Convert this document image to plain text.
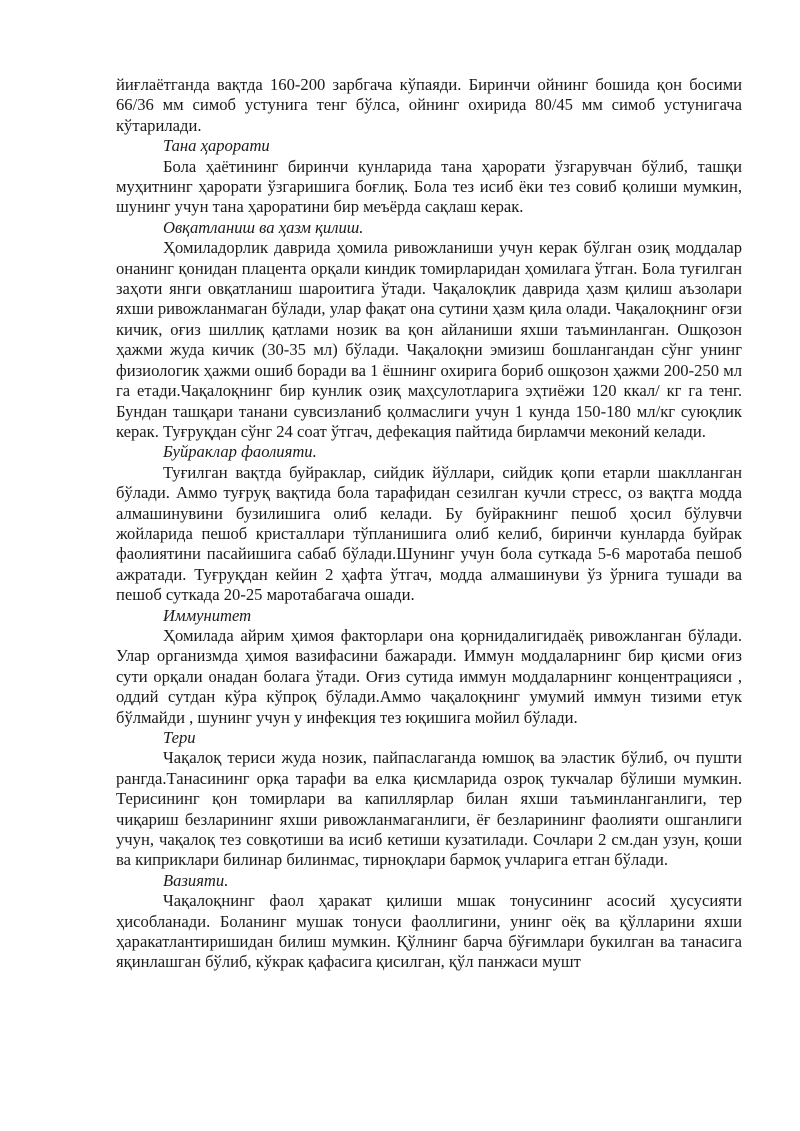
йиғлаётганда вақтда 160-200 зарбгача кўпаяди. Биринчи ойнинг бошида қон босими 66/36 мм симоб устунига тенг бўлса, ойнинг охирида 80/45 мм симоб устунигача кўтарилади.

Тана ҳарорати

Бола ҳаётининг биринчи кунларида тана ҳарорати ўзгарувчан бўлиб, ташқи муҳитнинг ҳарорати ўзгаришига боғлиқ. Бола тез исиб ёки тез совиб қолиши мумкин, шунинг учун тана ҳароратини бир меъёрда сақлаш керак.

Овқатланиш ва ҳазм қилиш.

Ҳомиладорлик даврида ҳомила ривожланиши учун керак бўлган озиқ моддалар онанинг қонидан плацента орқали киндик томирларидан ҳомилага ўтган. Бола туғилган заҳоти янги овқатланиш шароитига ўтади. Чақалоқлик даврида ҳазм қилиш аъзолари яхши ривожланмаган бўлади, улар фақат она сутини ҳазм қила олади. Чақалоқнинг оғзи кичик, оғиз шиллиқ қатлами нозик ва қон айланиши яхши таъминланган. Ошқозон ҳажми жуда кичик (30-35 мл) бўлади. Чақалоқни эмизиш бошлангандан сўнг унинг физиологик ҳажми ошиб боради ва 1 ёшнинг охирига бориб ошқозон ҳажми 200-250 мл га етади.Чақалоқнинг бир кунлик озиқ маҳсулотларига эҳтиёжи 120 ккал/ кг га тенг. Бундан ташқари танани сувсизланиб қолмаслиги учун 1 кунда 150-180 мл/кг суюқлик керак. Туғруқдан сўнг 24 соат ўтгач, дефекация пайтида бирламчи меконий келади.

Буйраклар фаолияти.

Туғилган вақтда буйраклар, сийдик йўллари, сийдик қопи етарли шаклланган бўлади. Аммо туғруқ вақтида бола тарафидан сезилган кучли стресс, оз вақтга модда алмашинувини бузилишига олиб келади. Бу буйракнинг пешоб ҳосил бўлувчи жойларида пешоб кристаллари тўпланишига олиб келиб, биринчи кунларда буйрак фаолиятини пасайишига сабаб бўлади.Шунинг учун бола суткада 5-6 маротаба пешоб ажратади. Туғруқдан кейин 2 ҳафта ўтгач, модда алмашинуви ўз ўрнига тушади ва пешоб суткада 20-25 маротабагача ошади.

Иммунитет

Ҳомилада айрим ҳимоя факторлари она қорнидалигидаёқ ривожланган бўлади. Улар организмда ҳимоя вазифасини бажаради. Иммун моддаларнинг бир қисми оғиз сути орқали онадан болага ўтади. Оғиз сутида иммун моддаларнинг концентрацияси , оддий сутдан кўра кўпроқ бўлади.Аммо чақалоқнинг умумий иммун тизими етук бўлмайди , шунинг учун у инфекция тез юқишига мойил бўлади.

Тери

Чақалоқ териси жуда нозик, пайпаслаганда юмшоқ ва эластик бўлиб, оч пушти рангда.Танасининг орқа тарафи ва елка қисмларида озроқ тукчалар бўлиши мумкин. Терисининг қон томирлари ва капиллярлар билан яхши таъминланганлиги, тер чиқариш безларининг яхши ривожланмаганлиги, ёғ безларининг фаолияти ошганлиги учун, чақалоқ тез совқотиши ва исиб кетиши кузатилади. Сочлари 2 см.дан узун, қоши ва киприклари билинар билинмас, тирноқлари бармоқ учларига етган бўлади.

Вазияти.

Чақалоқнинг фаол ҳаракат қилиши мшак тонусининг асосий ҳусусияти ҳисобланади. Боланинг мушак тонуси фаоллигини, унинг оёқ ва қўлларини яхши ҳаракатлантиришидан билиш мумкин. Қўлнинг барча бўғимлари букилган ва танасига яқинлашган бўлиб, кўкрак қафасига қисилган, қўл панжаси мушт
